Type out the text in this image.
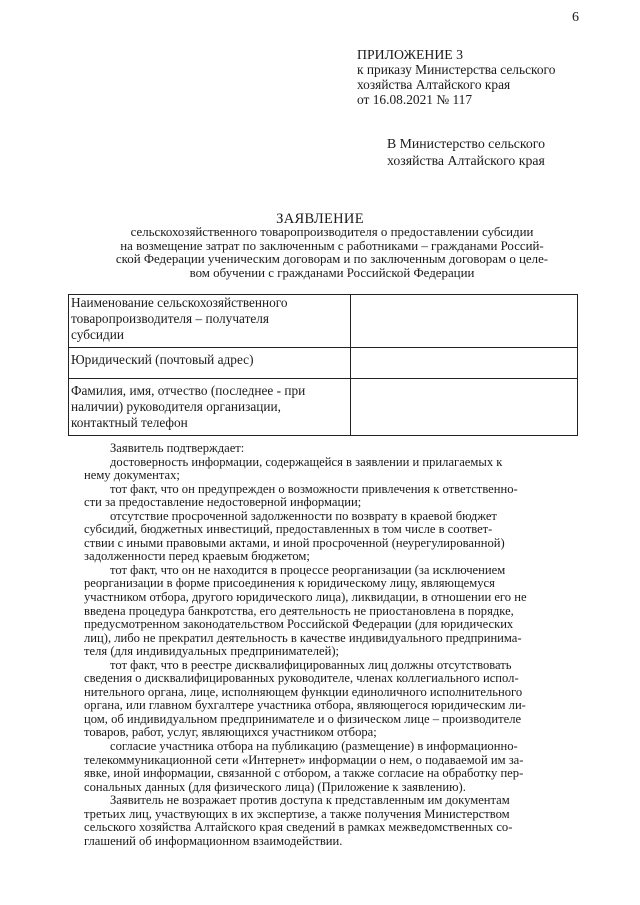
6
ПРИЛОЖЕНИЕ 3
к приказу Министерства сельского
хозяйства Алтайского края
от 16.08.2021 № 117
В Министерство сельского
хозяйства Алтайского края
ЗАЯВЛЕНИЕ
сельскохозяйственного товаропроизводителя о предоставлении субсидии
на возмещение затрат по заключенным с работниками – гражданами Россий-
ской Федерации ученическим договорам и по заключенным договорам о целе-
вом обучении с гражданами Российской Федерации
Наименование сельскохозяйственного
товаропроизводителя – получателя
субсидии	

Юридический (почтовый адрес)	

Фамилия, имя, отчество (последнее - при
наличии) руководителя организации,
контактный телефон	

Заявитель подтверждает:
достоверность информации, содержащейся в заявлении и прилагаемых к
нему документах;
тот факт, что он предупрежден о возможности привлечения к ответственно-
сти за предоставление недостоверной информации;
отсутствие просроченной задолженности по возврату в краевой бюджет
субсидий, бюджетных инвестиций, предоставленных в том числе в соответ-
ствии с иными правовыми актами, и иной просроченной (неурегулированной)
задолженности перед краевым бюджетом;
тот факт, что он не находится в процессе реорганизации (за исключением
реорганизации в форме присоединения к юридическому лицу, являющемуся
участником отбора, другого юридического лица), ликвидации, в отношении его не
введена процедура банкротства, его деятельность не приостановлена в порядке,
предусмотренном законодательством Российской Федерации (для юридических
лиц), либо не прекратил деятельность в качестве индивидуального предпринима-
теля (для индивидуальных предпринимателей);
тот факт, что в реестре дисквалифицированных лиц должны отсутствовать
сведения о дисквалифицированных руководителе, членах коллегиального испол-
нительного органа, лице, исполняющем функции единоличного исполнительного
органа, или главном бухгалтере участника отбора, являющегося юридическим ли-
цом, об индивидуальном предпринимателе и о физическом лице – производителе
товаров, работ, услуг, являющихся участником отбора;
согласие участника отбора на публикацию (размещение) в информационно-
телекоммуникационной сети «Интернет» информации о нем, о подаваемой им за-
явке, иной информации, связанной с отбором, а также согласие на обработку пер-
сональных данных (для физического лица) (Приложение к заявлению).
Заявитель не возражает против доступа к представленным им документам
третьих лиц, участвующих в их экспертизе, а также получения Министерством
сельского хозяйства Алтайского края сведений в рамках межведомственных со-
глашений об информационном взаимодействии.
